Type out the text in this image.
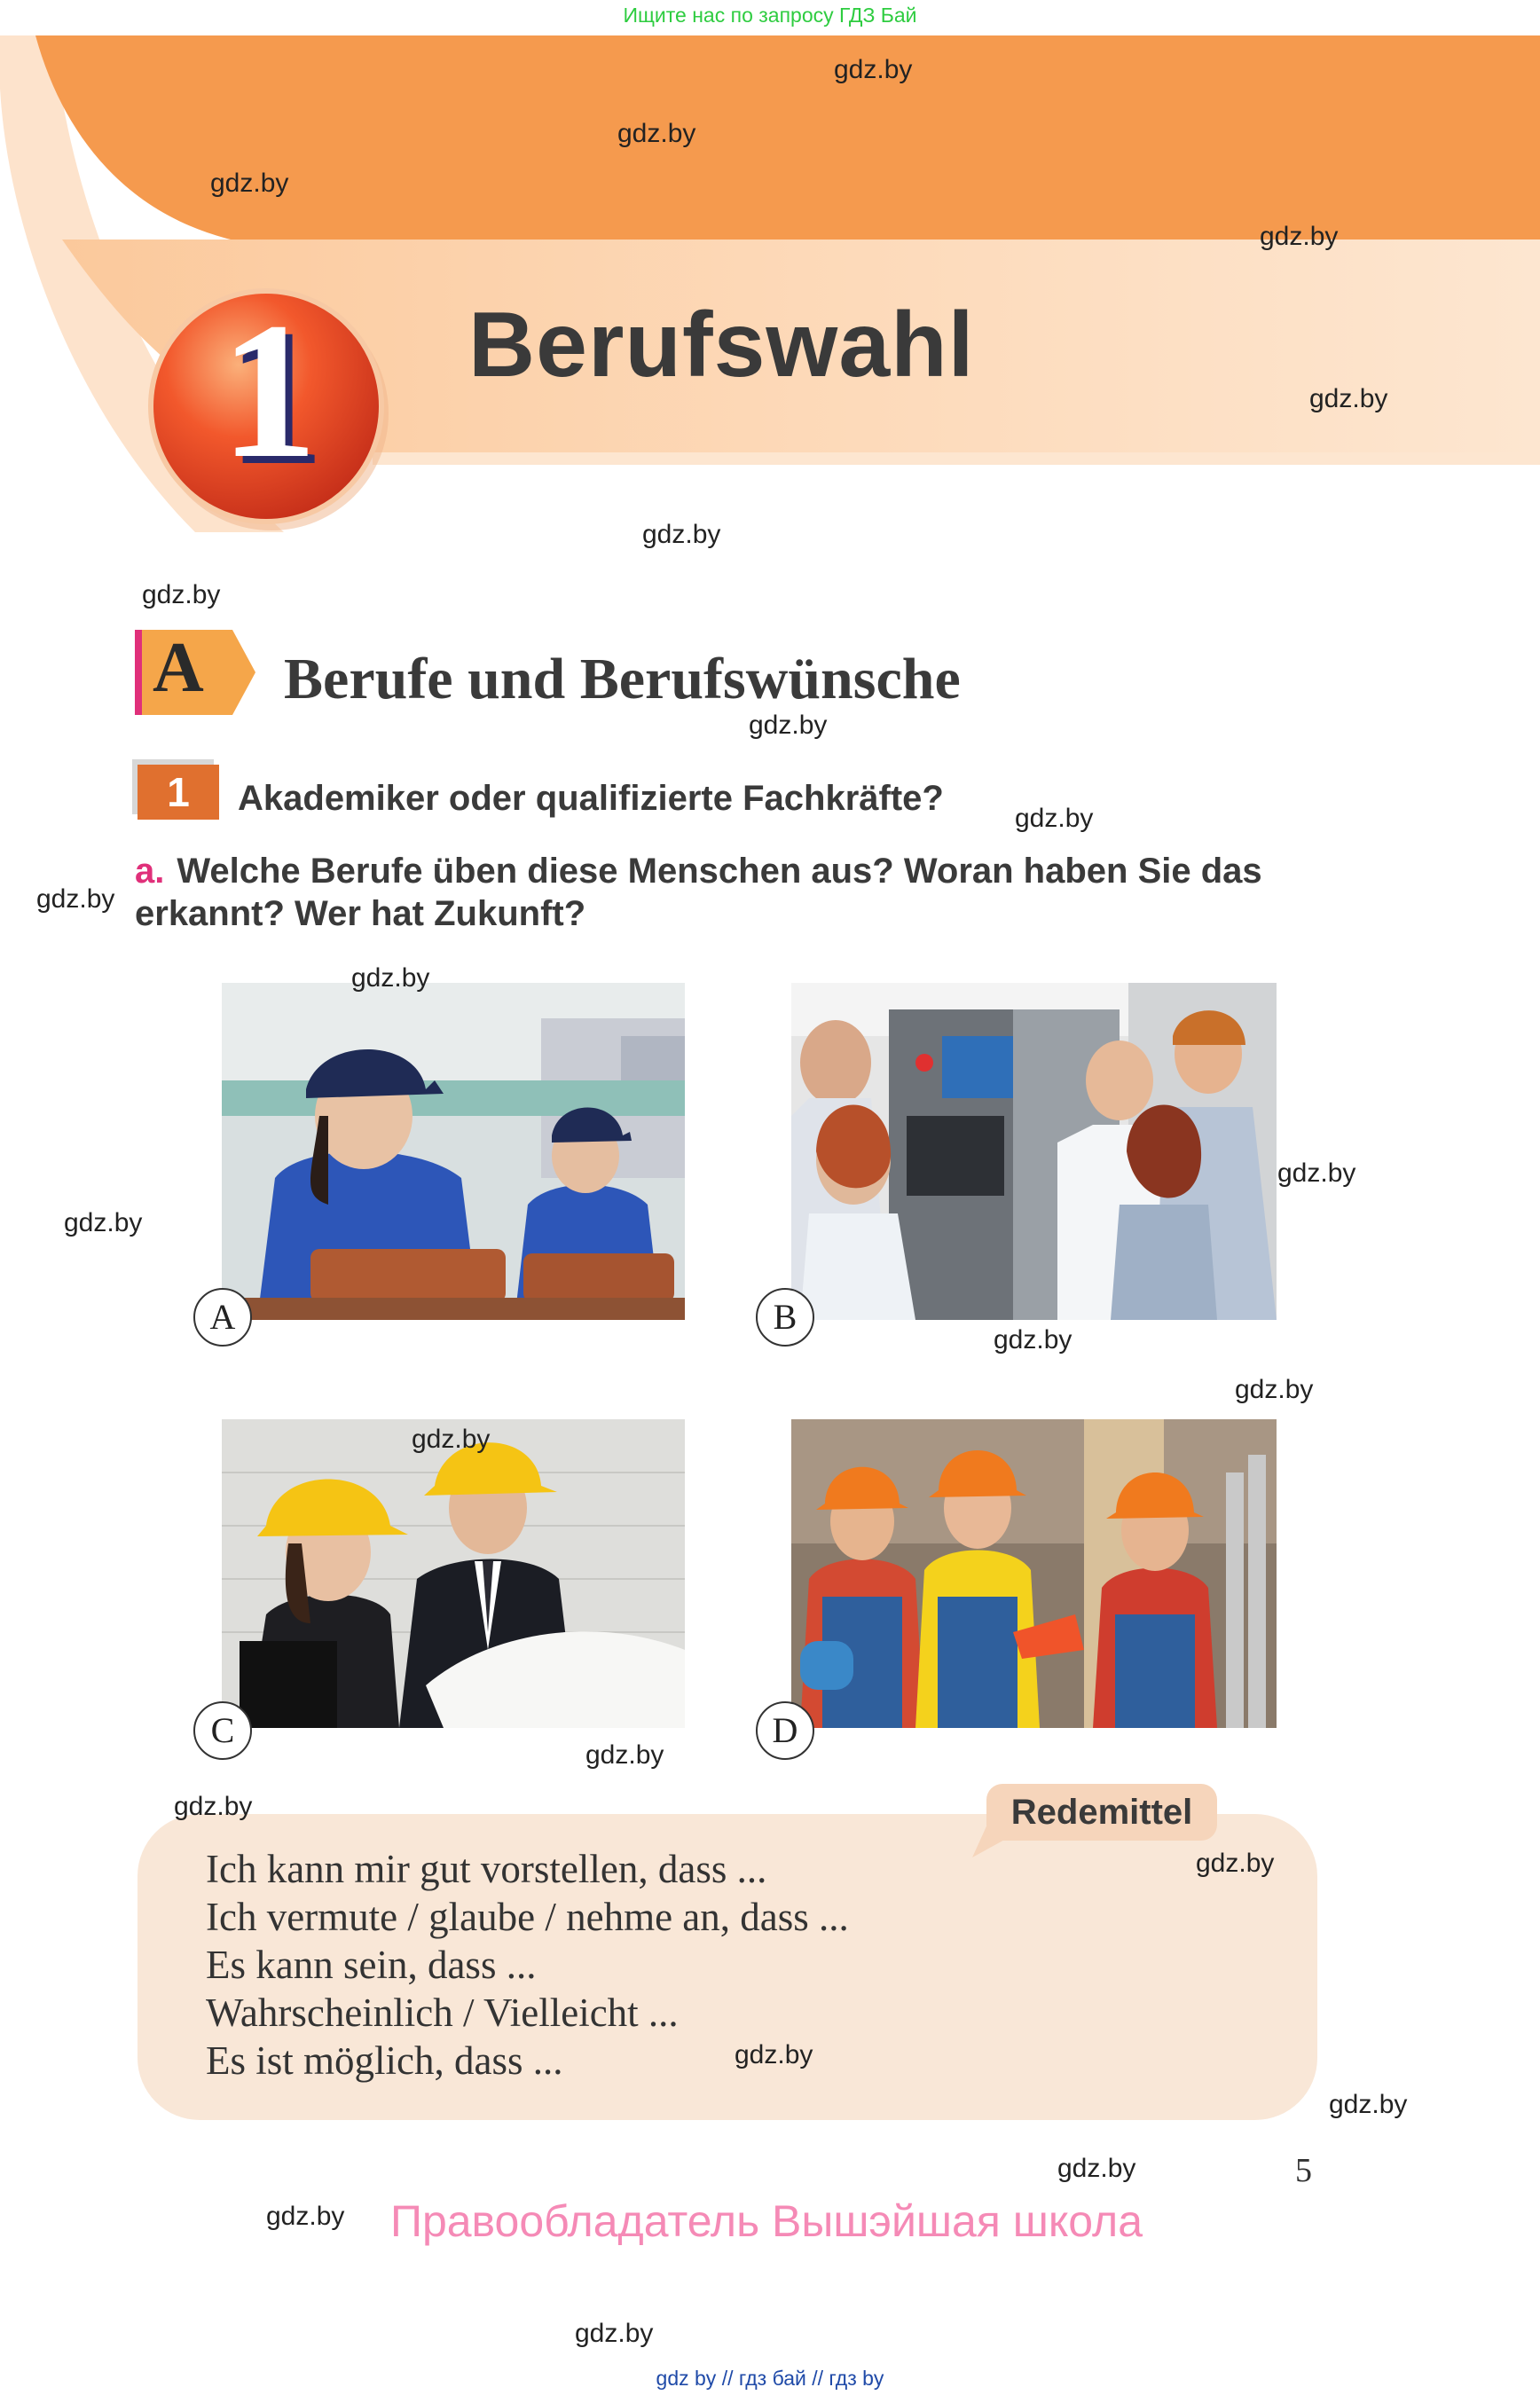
Ищите нас по запросу ГДЗ Бай
1 Berufswahl
A Berufe und Berufswünsche
1	Akademiker oder qualifizierte Fachkräfte?
a. Welche Berufe üben diese Menschen aus? Woran haben Sie das erkannt? Wer hat Zukunft?
A	B
C	D
Redemittel
Ich kann mir gut vorstellen, dass ...
Ich vermute / glaube / nehme an, dass ...
Es kann sein, dass ...
Wahrscheinlich / Vielleicht ...
Es ist möglich, dass ...
gdz.by
gdz.by
gdz.by
gdz.by
gdz.by
gdz.by
gdz.by
gdz.by
gdz.by
gdz.by
gdz.by
gdz.by
gdz.by
gdz.by
gdz.by
gdz.by
gdz.by
gdz.by
gdz.by
gdz.by
gdz.by
gdz.by
gdz.by
gdz.by
5
Правообладатель Вышэйшая школа
gdz by // гдз бай // гдз by
